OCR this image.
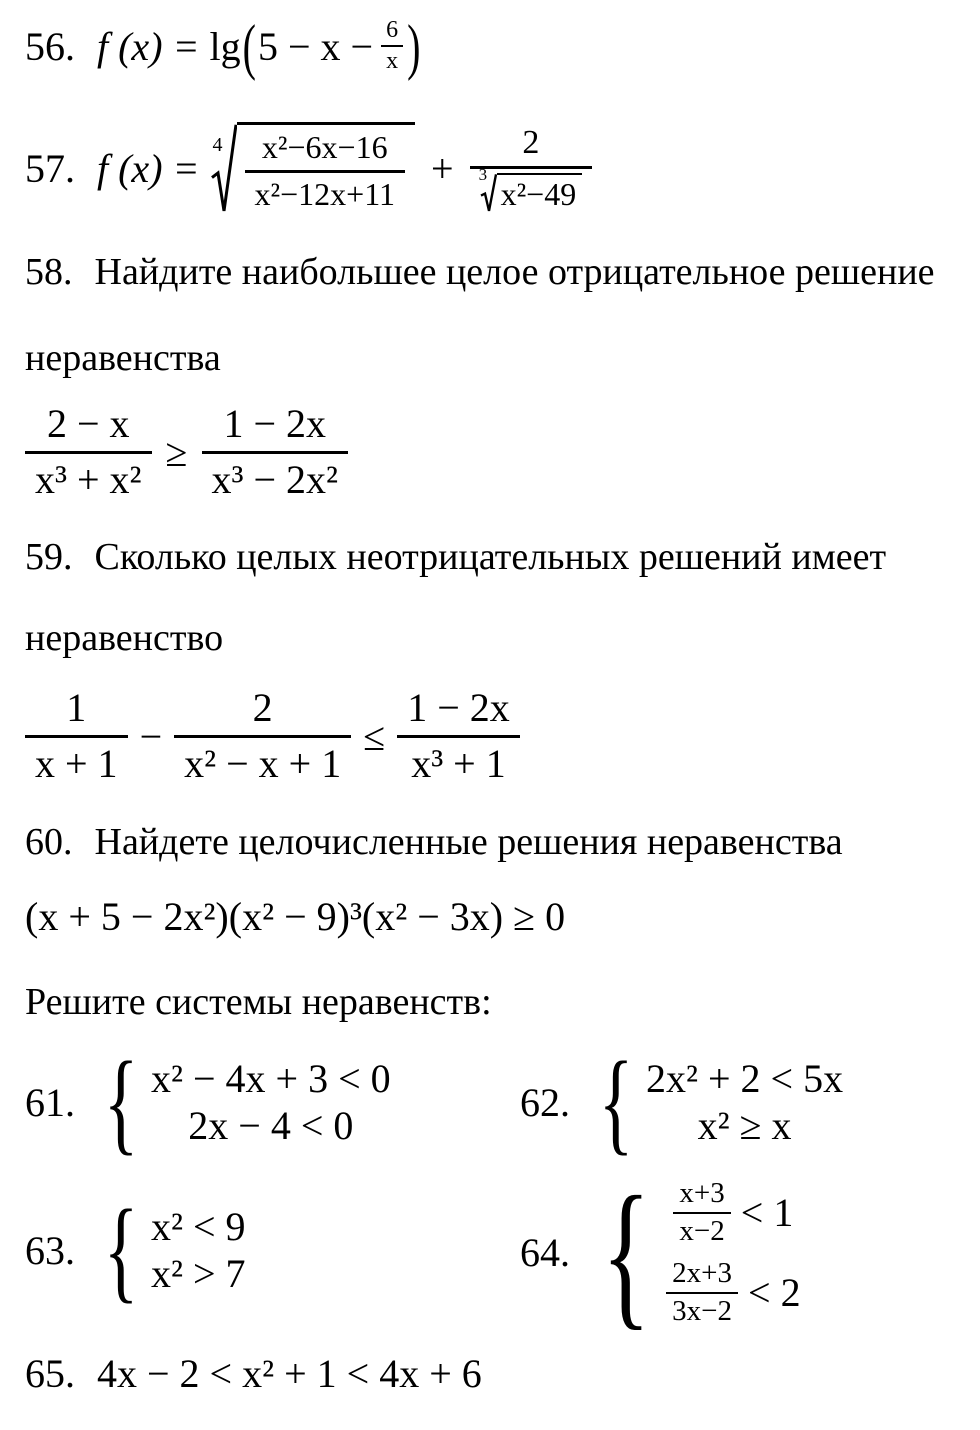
56. f (x) = lg ( $5 - x - \frac{6}{x}$ )
57. f (x) =
$4 \frac{\text{x²−6x−16}}{\text{x²−12x+11}} + 2$
3
x²−49
58. Найдите наибольшее целое отрицательное решение
неравенства
$\frac{2 - x}{\text{x³ + x²}} \ge \frac{1 - 2x}{\text{x³ − 2x²}}$
59. Сколько целых неотрицательных решений имеет
неравенство
$\frac{1}{x + 1} - \frac{2}{\text{x² − x + 1}} \le \frac{1 - 2x}{\text{x³ + 1}}$
60. Найдете целочисленные решения неравенства
(x + 5 − 2x²)(x² − 9)³(x² − 3x) ≥ 0
Решите системы неравенств:
61. { x² − 4x + 3 < 0
2x − 4 < 0
62. { 2x² + 2 < 5x
x² ≥ x
63. { x² < 9
x² > 7	64. { $\frac{x+3}{x-2} < 1$
$\frac{2x+3}{3x-2} < 2$
65. 4x − 2 < x² + 1 < 4x + 6
